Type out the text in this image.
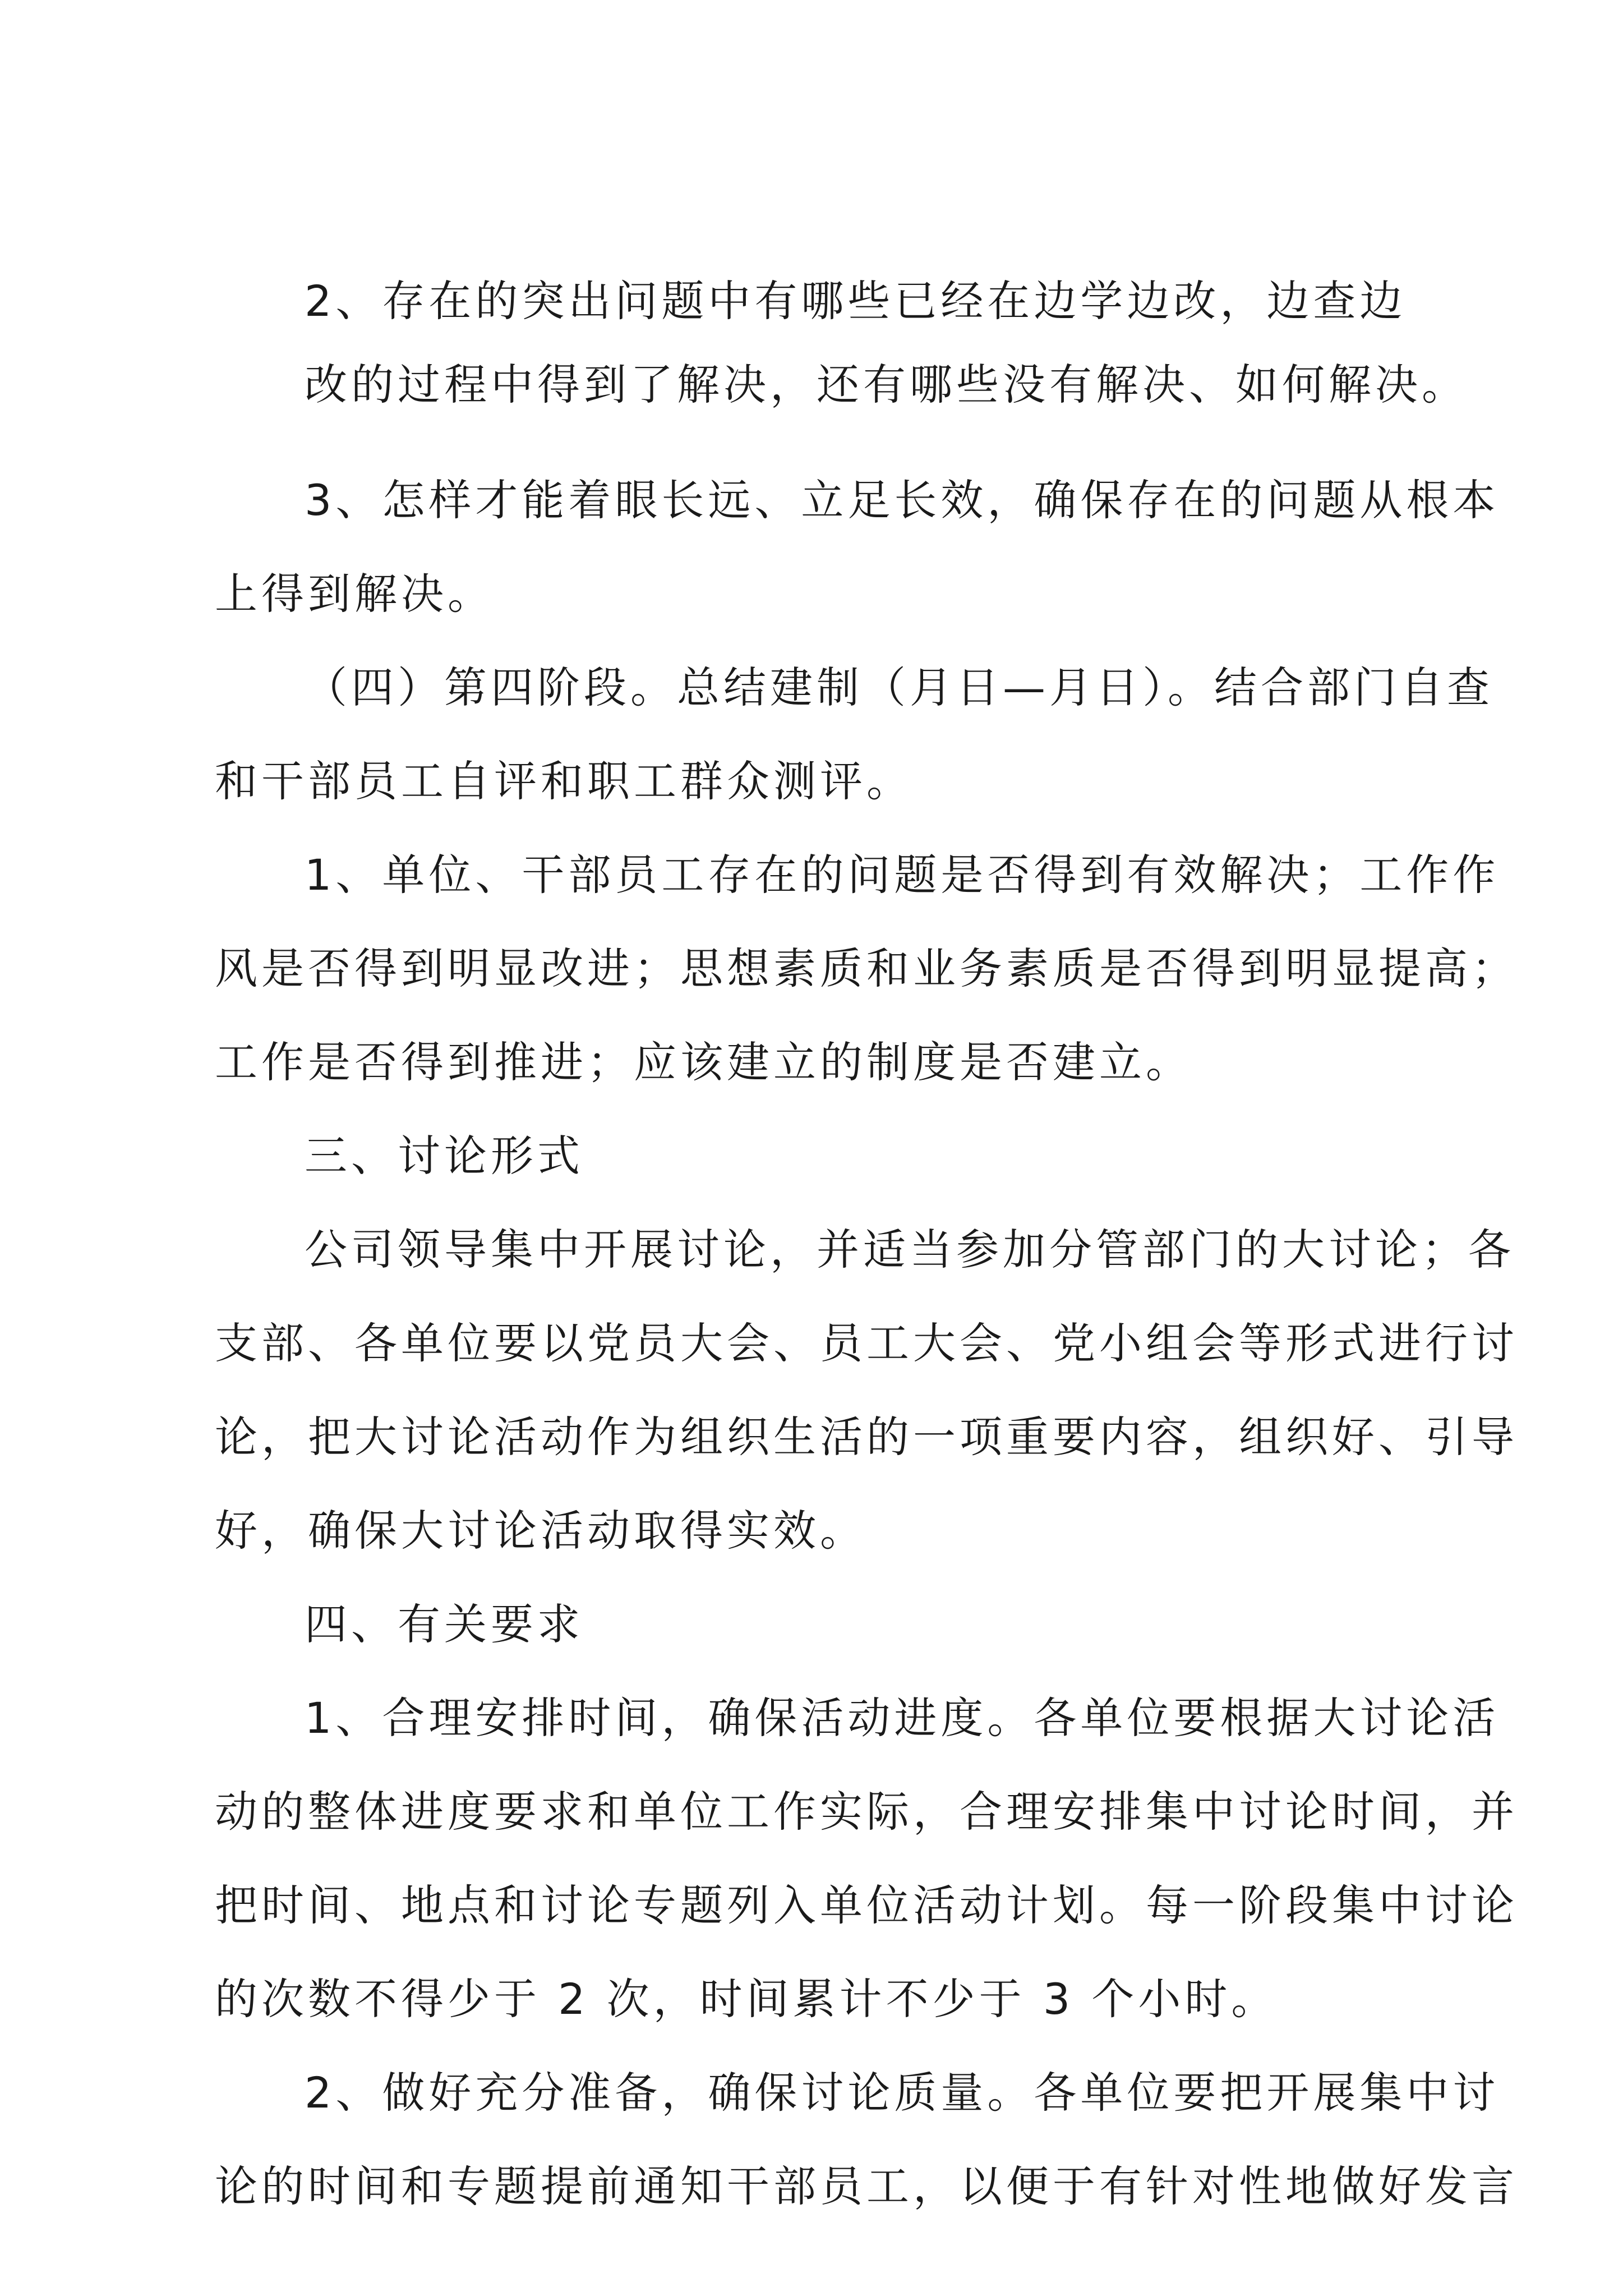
2、存在的突出问题中有哪些已经在边学边改，边查边
改的过程中得到了解决，还有哪些没有解决、如何解决。
3、怎样才能着眼长远、立足长效，确保存在的问题从根本
上得到解决。
（四）第四阶段。总结建制（月日—月日）。结合部门自查
和干部员工自评和职工群众测评。
1、单位、干部员工存在的问题是否得到有效解决；工作作
风是否得到明显改进；思想素质和业务素质是否得到明显提高；
工作是否得到推进；应该建立的制度是否建立。
三、讨论形式
公司领导集中开展讨论，并适当参加分管部门的大讨论；各
支部、各单位要以党员大会、员工大会、党小组会等形式进行讨
论，把大讨论活动作为组织生活的一项重要内容，组织好、引导
好，确保大讨论活动取得实效。
四、有关要求
1、合理安排时间，确保活动进度。各单位要根据大讨论活
动的整体进度要求和单位工作实际，合理安排集中讨论时间，并
把时间、地点和讨论专题列入单位活动计划。每一阶段集中讨论
的次数不得少于 2 次，时间累计不少于 3 个小时。
2、做好充分准备，确保讨论质量。各单位要把开展集中讨
论的时间和专题提前通知干部员工，以便于有针对性地做好发言
